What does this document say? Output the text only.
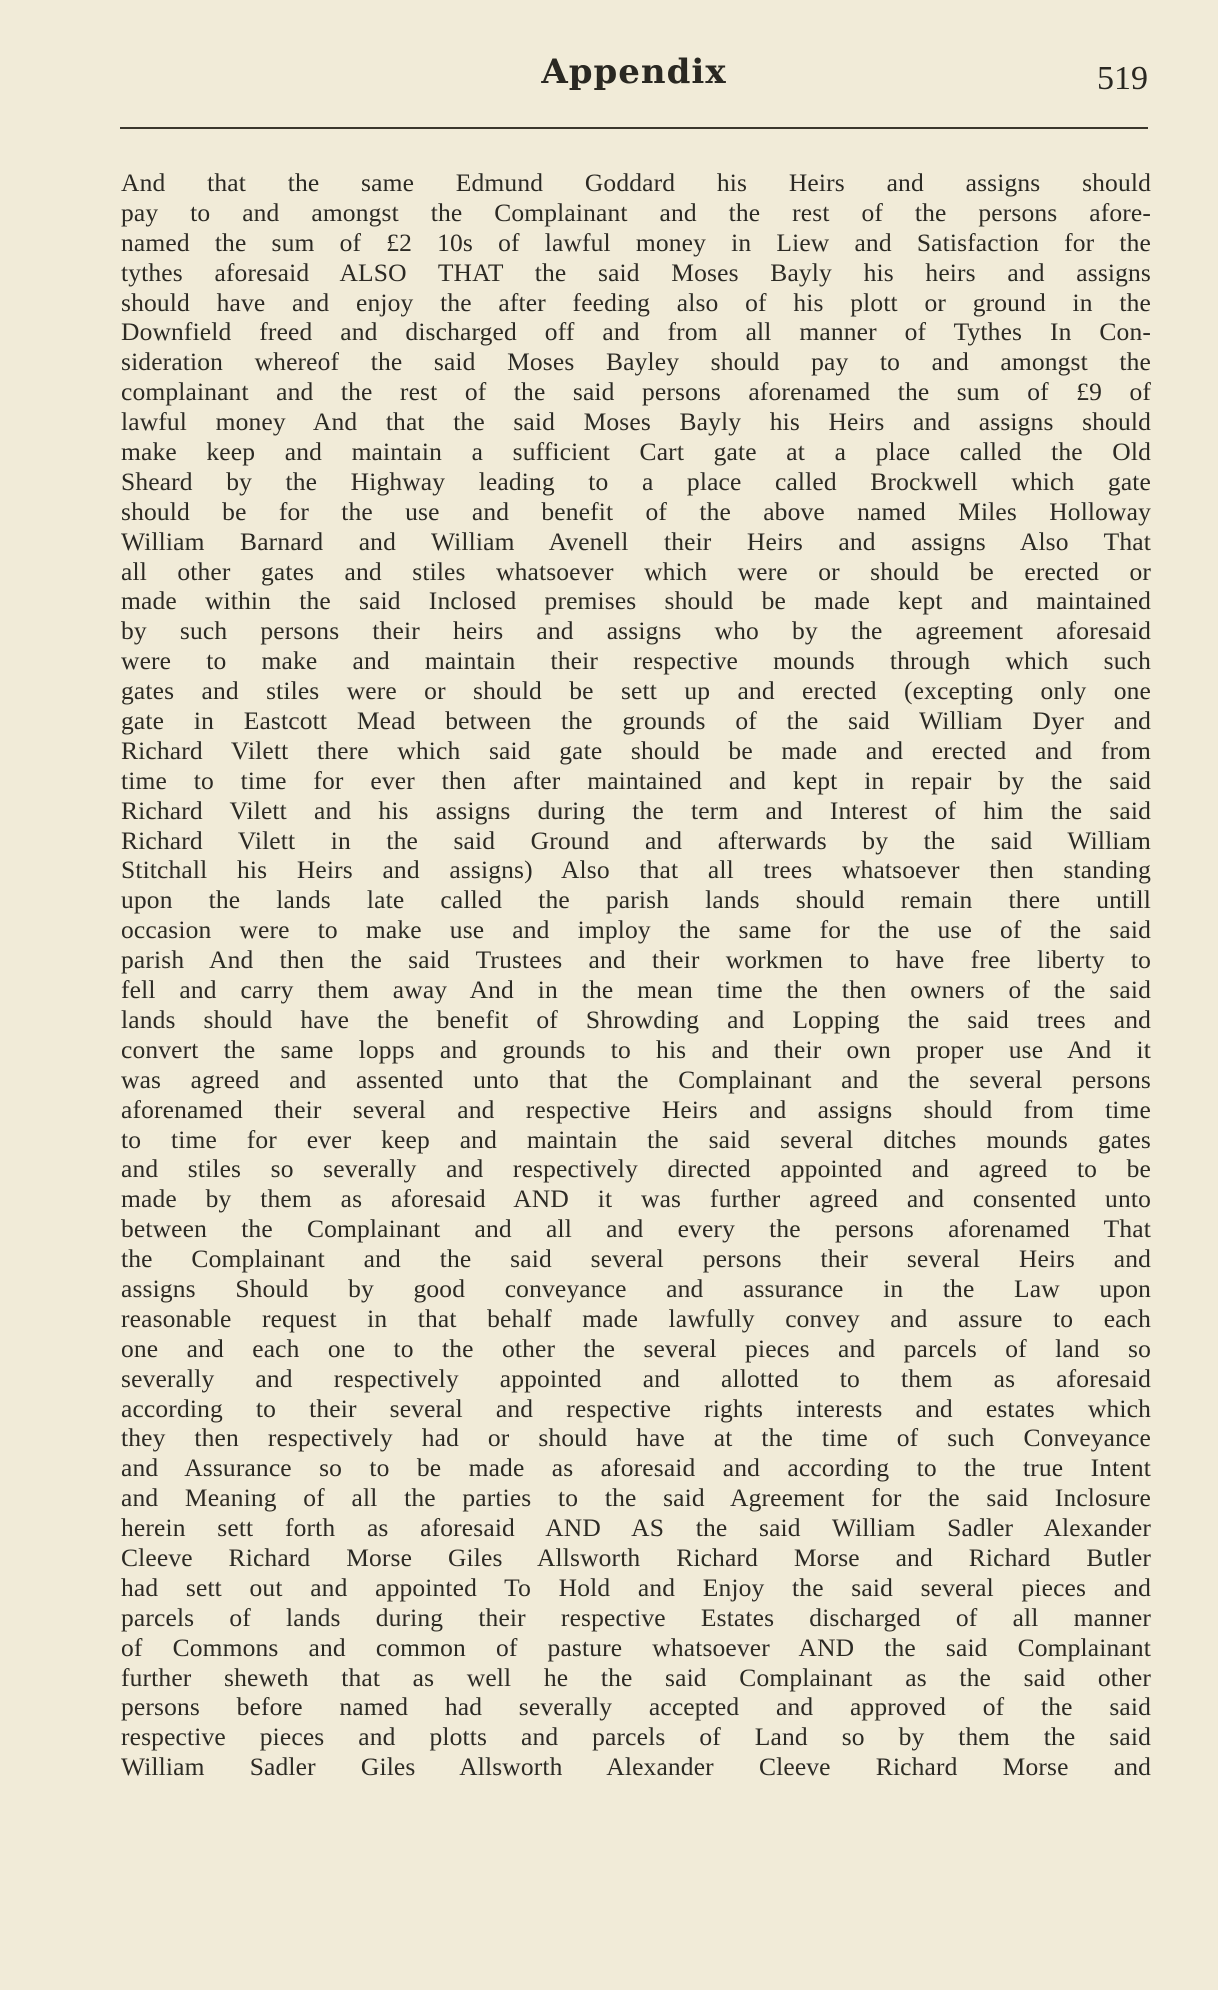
Appendix	519
And that the same Edmund Goddard his Heirs and assigns should
pay to and amongst the Complainant and the rest of the persons afore-
named the sum of £2 10s of lawful money in Liew and Satisfaction for the
tythes aforesaid ALSO THAT the said Moses Bayly his heirs and assigns
should have and enjoy the after feeding also of his plott or ground in the
Downfield freed and discharged off and from all manner of Tythes In Con-
sideration whereof the said Moses Bayley should pay to and amongst the
complainant and the rest of the said persons aforenamed the sum of £9 of
lawful money And that the said Moses Bayly his Heirs and assigns should
make keep and maintain a sufficient Cart gate at a place called the Old
Sheard by the Highway leading to a place called Brockwell which gate
should be for the use and benefit of the above named Miles Holloway
William Barnard and William Avenell their Heirs and assigns Also That
all other gates and stiles whatsoever which were or should be erected or
made within the said Inclosed premises should be made kept and maintained
by such persons their heirs and assigns who by the agreement aforesaid
were to make and maintain their respective mounds through which such
gates and stiles were or should be sett up and erected (excepting only one
gate in Eastcott Mead between the grounds of the said William Dyer and
Richard Vilett there which said gate should be made and erected and from
time to time for ever then after maintained and kept in repair by the said
Richard Vilett and his assigns during the term and Interest of him the said
Richard Vilett in the said Ground and afterwards by the said William
Stitchall his Heirs and assigns) Also that all trees whatsoever then standing
upon the lands late called the parish lands should remain there untill
occasion were to make use and imploy the same for the use of the said
parish And then the said Trustees and their workmen to have free liberty to
fell and carry them away And in the mean time the then owners of the said
lands should have the benefit of Shrowding and Lopping the said trees and
convert the same lopps and grounds to his and their own proper use And it
was agreed and assented unto that the Complainant and the several persons
aforenamed their several and respective Heirs and assigns should from time
to time for ever keep and maintain the said several ditches mounds gates
and stiles so severally and respectively directed appointed and agreed to be
made by them as aforesaid AND it was further agreed and consented unto
between the Complainant and all and every the persons aforenamed That
the Complainant and the said several persons their several Heirs and
assigns Should by good conveyance and assurance in the Law upon
reasonable request in that behalf made lawfully convey and assure to each
one and each one to the other the several pieces and parcels of land so
severally and respectively appointed and allotted to them as aforesaid
according to their several and respective rights interests and estates which
they then respectively had or should have at the time of such Conveyance
and Assurance so to be made as aforesaid and according to the true Intent
and Meaning of all the parties to the said Agreement for the said Inclosure
herein sett forth as aforesaid AND AS the said William Sadler Alexander
Cleeve Richard Morse Giles Allsworth Richard Morse and Richard Butler
had sett out and appointed To Hold and Enjoy the said several pieces and
parcels of lands during their respective Estates discharged of all manner
of Commons and common of pasture whatsoever AND the said Complainant
further sheweth that as well he the said Complainant as the said other
persons before named had severally accepted and approved of the said
respective pieces and plotts and parcels of Land so by them the said
William Sadler Giles Allsworth Alexander Cleeve Richard Morse and
